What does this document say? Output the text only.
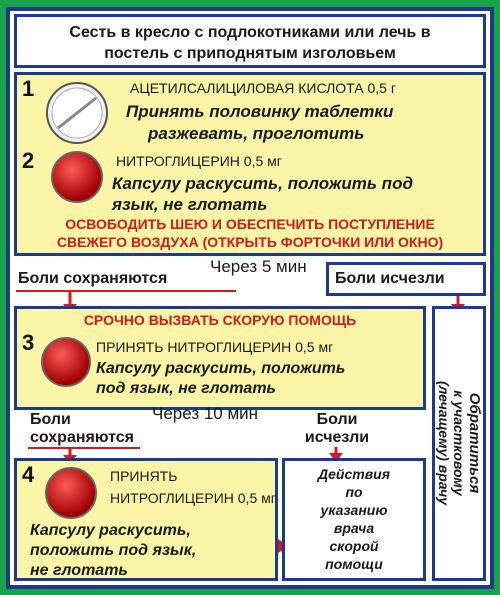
Сесть в кресло с подлокотниками или лечь в
постель с приподнятым изголовьем
1	АЦЕТИЛСАЛИЦИЛОВАЯ КИСЛОТА 0,5 г
Принять половинку таблетки
разжевать, проглотить
2	НИТРОГЛИЦЕРИН 0,5 мг
Капсулу раскусить, положить под
язык, не глотать
ОСВОБОДИТЬ ШЕЮ И ОБЕСПЕЧИТЬ ПОСТУПЛЕНИЕ
СВЕЖЕГО ВОЗДУХА (ОТКРЫТЬ ФОРТОЧКИ ИЛИ ОКНО)
Через 5 мин
Боли сохраняются	Боли исчезли
СРОЧНО ВЫЗВАТЬ СКОРУЮ ПОМОЩЬ
3	ПРИНЯТЬ НИТРОГЛИЦЕРИН 0,5 мг
Капсулу раскусить, положить
под язык, не глотать
Обратиться
к участковому
(лечащему) врачу
Через 10 мин
Боли
сохраняются
Боли
исчезли
4	ПРИНЯТЬ
НИТРОГЛИЦЕРИН 0,5 мг
Капсулу раскусить,
положить под язык,
не глотать
Действия
по
указанию
врача
скорой
помощи
